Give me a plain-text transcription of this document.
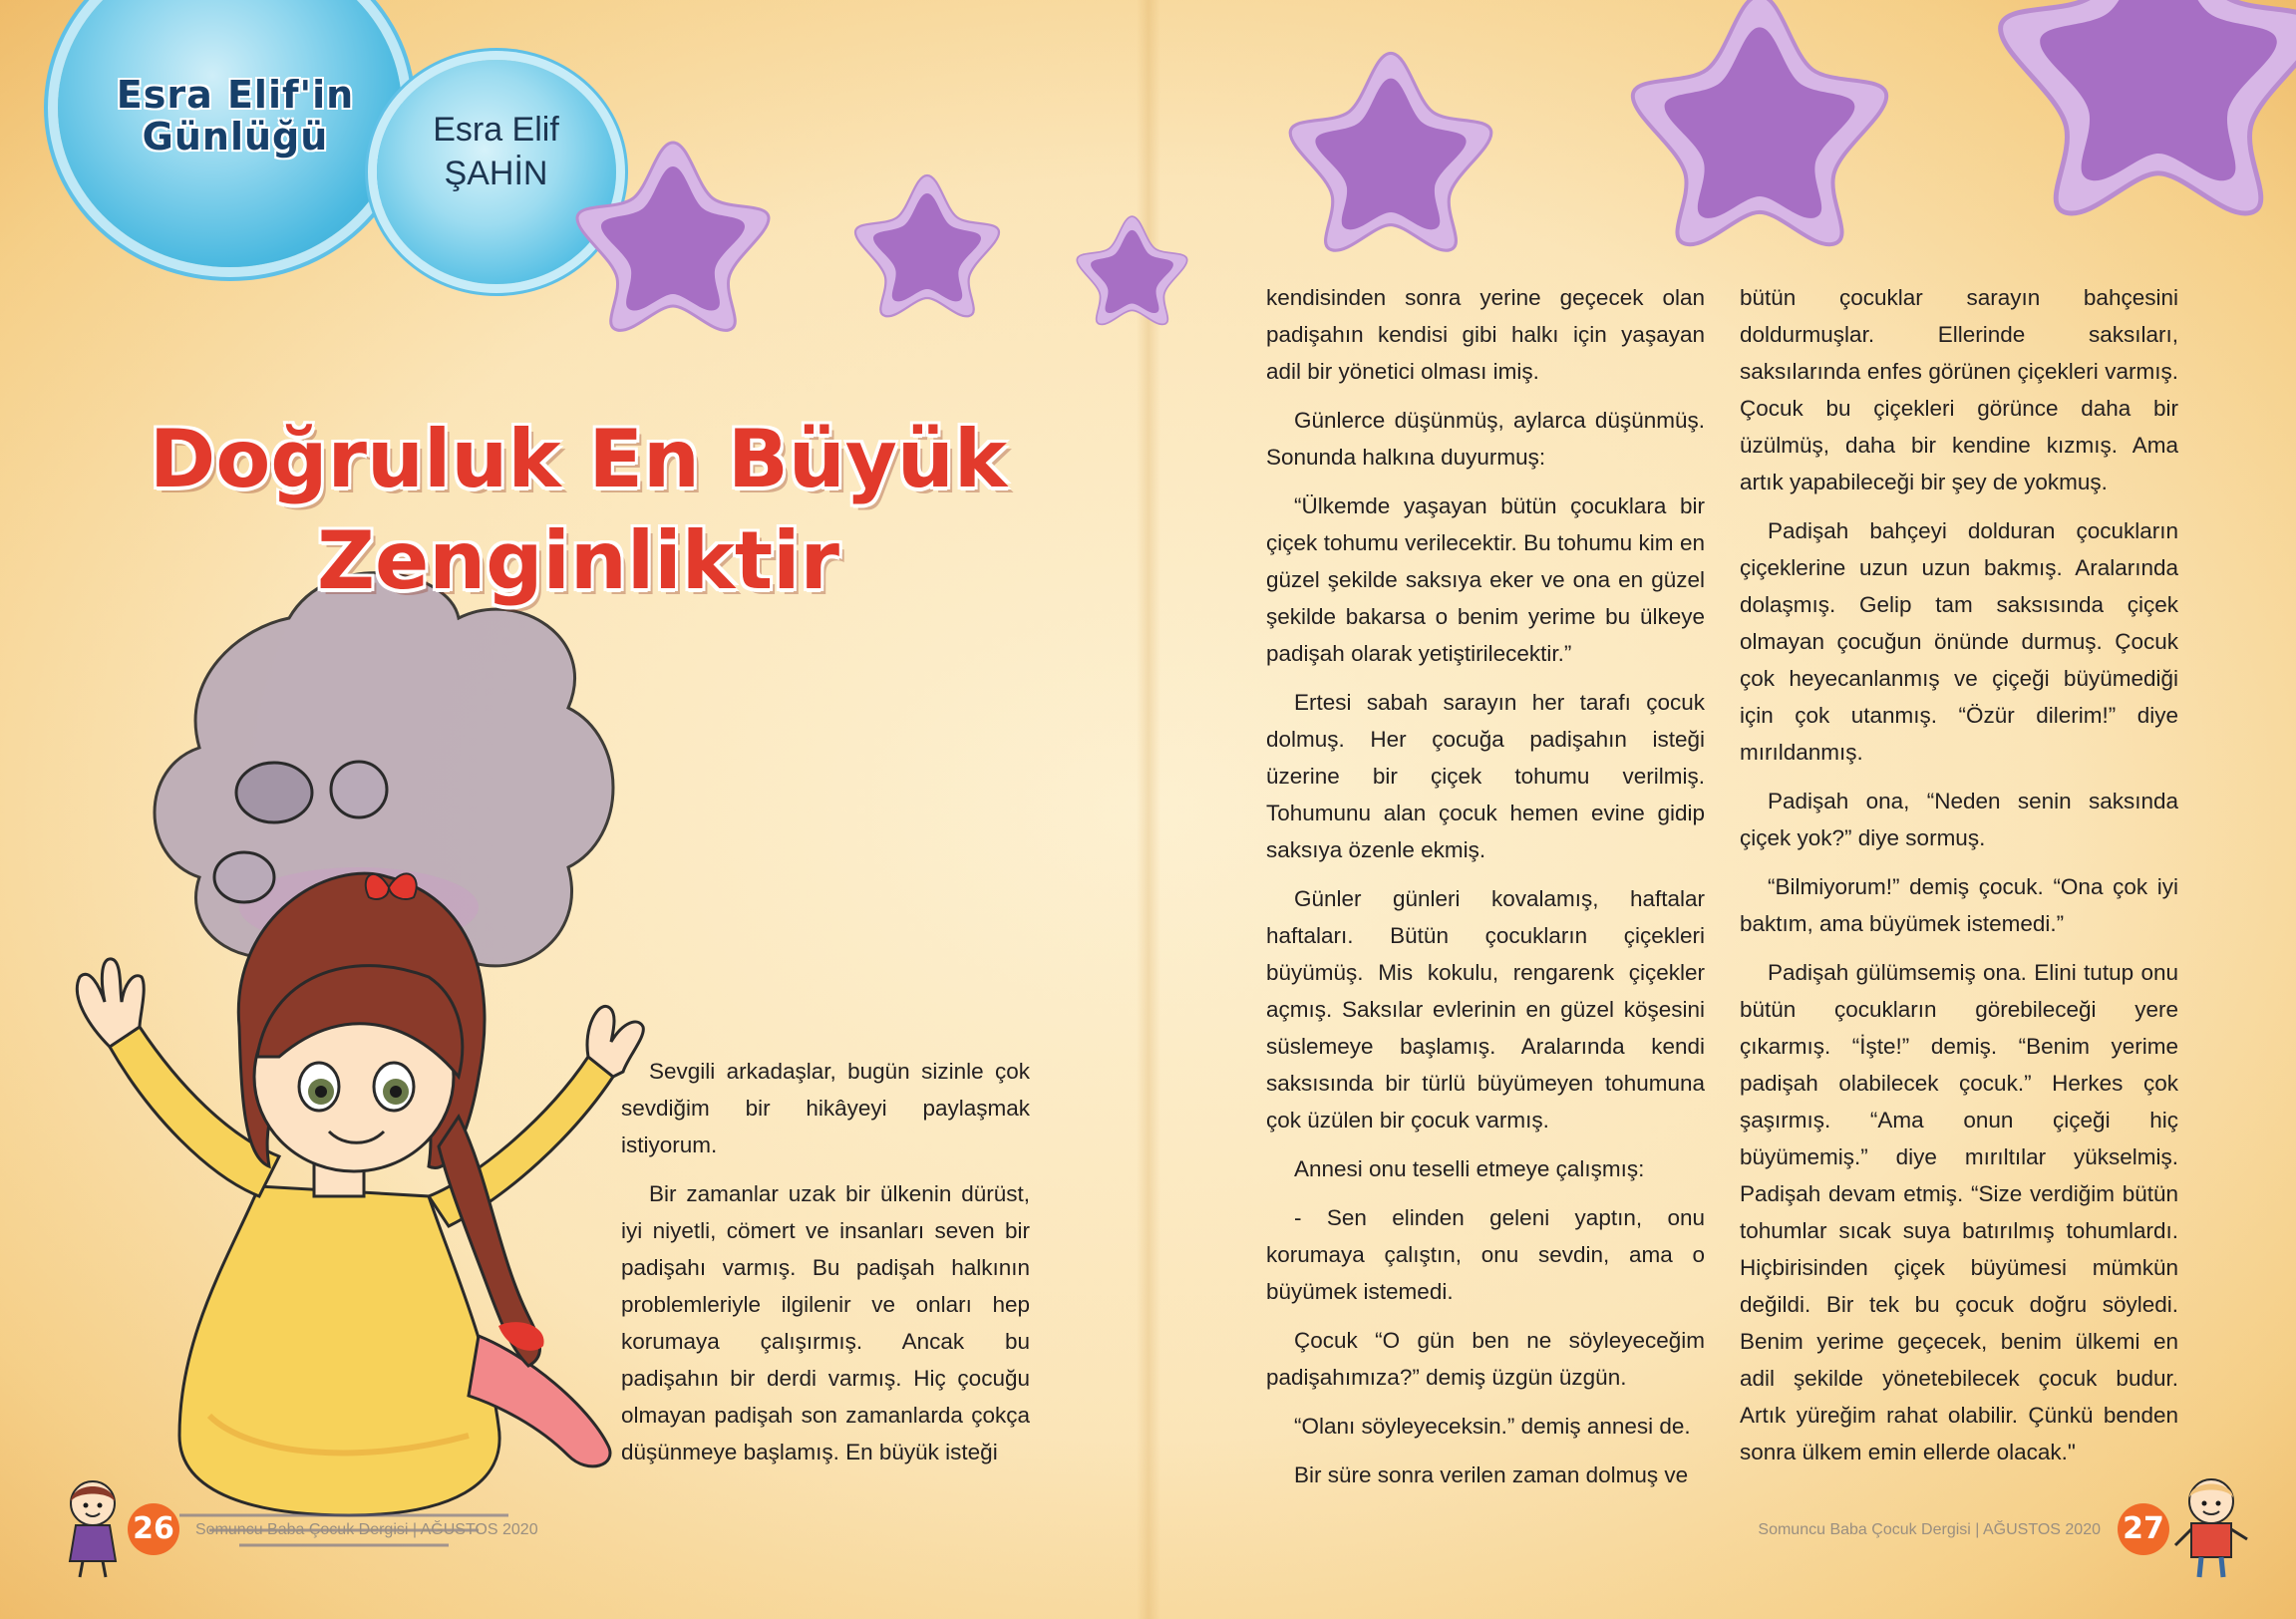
Esra Elif'in Günlüğü	Esra Elif ŞAHİN
Doğruluk En Büyük Zenginliktir

Sevgili arkadaşlar, bugün sizinle çok sevdiğim bir hikâyeyi paylaşmak istiyorum.

Bir zamanlar uzak bir ülkenin dürüst, iyi niyetli, cömert ve insanları seven bir padişahı varmış. Bu padişah halkının problemleriyle ilgilenir ve onları hep korumaya çalışırmış. Ancak bu padişahın bir derdi varmış. Hiç çocuğu olmayan padişah son zamanlarda çokça düşünmeye başlamış. En büyük isteği

kendisinden sonra yerine geçecek olan padişahın kendisi gibi halkı için yaşayan adil bir yönetici olması imiş.

Günlerce düşünmüş, aylarca düşünmüş. Sonunda halkına duyurmuş:

“Ülkemde yaşayan bütün çocuklara bir çiçek tohumu verilecektir. Bu tohumu kim en güzel şekilde saksıya eker ve ona en güzel şekilde bakarsa o benim yerime bu ülkeye padişah olarak yetiştirilecektir.”

Ertesi sabah sarayın her tarafı çocuk dolmuş. Her çocuğa padişahın isteği üzerine bir çiçek tohumu verilmiş. Tohumunu alan çocuk hemen evine gidip saksıya özenle ekmiş.

Günler günleri kovalamış, haftalar haftaları. Bütün çocukların çiçekleri büyümüş. Mis kokulu, rengarenk çiçekler açmış. Saksılar evlerinin en güzel köşesini süslemeye başlamış. Aralarında kendi saksısında bir türlü büyümeyen tohumuna çok üzülen bir çocuk varmış.

Annesi onu teselli etmeye çalışmış:

- Sen elinden geleni yaptın, onu korumaya çalıştın, onu sevdin, ama o büyümek istemedi.

Çocuk “O gün ben ne söyleyeceğim padişahımıza?” demiş üzgün üzgün.

“Olanı söyleyeceksin.” demiş annesi de.

Bir süre sonra verilen zaman dolmuş ve

bütün çocuklar sarayın bahçesini doldurmuşlar. Ellerinde saksıları, saksılarında enfes görünen çiçekleri varmış. Çocuk bu çiçekleri görünce daha bir üzülmüş, daha bir kendine kızmış. Ama artık yapabileceği bir şey de yokmuş.

Padişah bahçeyi dolduran çocukların çiçeklerine uzun uzun bakmış. Aralarında dolaşmış. Gelip tam saksısında çiçek olmayan çocuğun önünde durmuş. Çocuk çok heyecanlanmış ve çiçeği büyümediği için çok utanmış. “Özür dilerim!” diye mırıldanmış.

Padişah ona, “Neden senin saksında çiçek yok?” diye sormuş.

“Bilmiyorum!” demiş çocuk. “Ona çok iyi baktım, ama büyümek istemedi.”

Padişah gülümsemiş ona. Elini tutup onu bütün çocukların görebileceği yere çıkarmış. “İşte!” demiş. “Benim yerime padişah olabilecek çocuk.” Herkes çok şaşırmış. “Ama onun çiçeği hiç büyümemiş.” diye mırıltılar yükselmiş. Padişah devam etmiş. “Size verdiğim bütün tohumlar sıcak suya batırılmış tohumlardı. Hiçbirisinden çiçek büyümesi mümkün değildi. Bir tek bu çocuk doğru söyledi. Benim yerime geçecek, benim ülkemi en adil şekilde yönetebilecek çocuk budur. Artık yüreğim rahat olabilir. Çünkü benden sonra ülkem emin ellerde olacak."

26	Somuncu Baba Çocuk Dergisi | AĞUSTOS 2020	Somuncu Baba Çocuk Dergisi | AĞUSTOS 2020 27
